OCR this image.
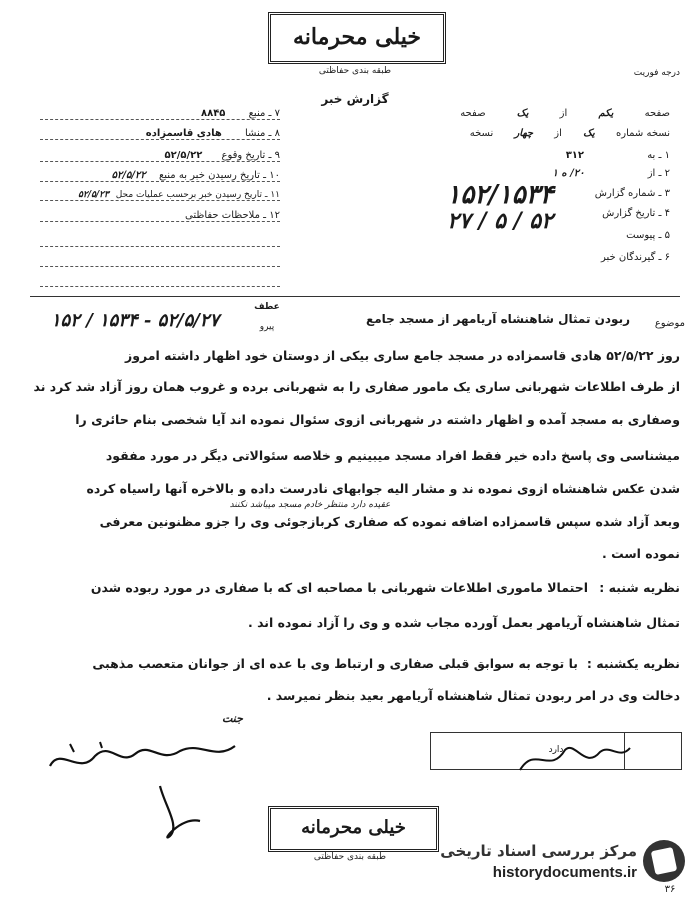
خیلی محرمانه
طبقه بندی حفاظتی	درجه فوریت
گزارش خبر
صفحه یکم از یک صفحه
نسخه شماره یک از چهار نسخه
۱ ـ به ۳۱۲
۲ ـ از ۲۰/ ه ۱
۳ ـ شماره گزارش
۴ ـ تاریخ گزارش
۵ ـ پیوست
۶ ـ گیرندگان خبر
۱۵۲/۱۵۳۴
۲۷ / ۵ / ۵۲
۷ ـ منبع ۸۸۴۵
۸ ـ منشا هادی قاسمزاده
۹ ـ تاریخ وقوع ۵۲/۵/۲۲
۱۰ ـ تاریخ رسیدن خبر به منبع ۵۲/۵/۲۲
۱۱ ـ تاریخ رسیدن خبر برحسب عملیات محل ۵۲/۵/۲۳
۱۲ ـ ملاحظات حفاظتی
موضوع
ربودن تمثال شاهنشاه آریامهر از مسجد جامع
عطف
پیرو
۵۲/۵/۲۷ - ۱۵۳۴ / ۱۵۲
روز ۵۲/۵/۲۲ هادی قاسمزاده در مسجد جامع ساری بیکی از دوستان خود اظهار داشته امروز
از طرف اطلاعات شهربانی ساری یک مامور صفاری را به شهربانی برده و غروب همان روز آزاد شد کرد ند
وصفاری به مسجد آمده و اظهار داشته در شهربانی ازوی سئوال نموده اند آیا شخصی بنام حائری را
میشناسی وی پاسخ داده خیر فقط افراد مسجد میبینیم و خلاصه سئوالاتی دیگر در مورد مفقود
شدن عکس شاهنشاه ازوی نموده ند و مشار الیه جوابهای نادرست داده و بالاخره آنها راسیاه کرده
عقیده دارد منتظر خادم مسجد میباشد نکنند
وبعد آزاد شده سپس قاسمزاده اضافه نموده که صفاری کربازجوئی وی را جزو مظنونین معرفی
نموده است .
نظریه شنبه :
احتمالا ماموری اطلاعات شهربانی با مصاحبه ای که با صفاری در مورد ربوده شدن
تمثال شاهنشاه آریامهر بعمل آورده مجاب شده و وی را آزاد نموده اند .
نظریه یکشنبه :
با توجه به سوابق قبلی صفاری و ارتباط وی با عده ای از جوانان متعصب مذهبی
دخالت وی در امر ربودن تمثال شاهنشاه آریامهر بعید بنظر نمیرسد .
جنت
دارد
خیلی محرمانه
طبقه بندی حفاظتی	مرکز بررسی اسناد تاریخی
historydocuments.ir
۳۶
